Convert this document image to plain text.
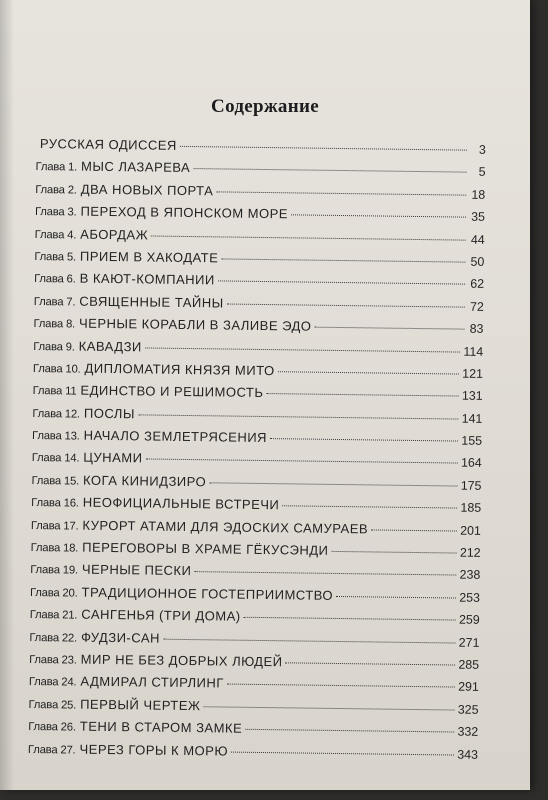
Содержание
РУССКАЯ ОДИССЕЯ	3
Глава 1. МЫС ЛАЗАРЕВА	5
Глава 2. ДВА НОВЫХ ПОРТА	18
Глава 3. ПЕРЕХОД В ЯПОНСКОМ МОРЕ	35
Глава 4. АБОРДАЖ	44
Глава 5. ПРИЕМ В ХАКОДАТЕ	50
Глава 6. В КАЮТ-КОМПАНИИ	62
Глава 7. СВЯЩЕННЫЕ ТАЙНЫ	72
Глава 8. ЧЕРНЫЕ КОРАБЛИ В ЗАЛИВЕ ЭДО	83
Глава 9. КАВАДЗИ	114
Глава 10. ДИПЛОМАТИЯ КНЯЗЯ МИТО	121
Глава 11 ЕДИНСТВО И РЕШИМОСТЬ	131
Глава 12. ПОСЛЫ	141
Глава 13. НАЧАЛО ЗЕМЛЕТРЯСЕНИЯ	155
Глава 14. ЦУНАМИ	164
Глава 15. КОГА КИНИДЗИРО	175
Глава 16. НЕОФИЦИАЛЬНЫЕ ВСТРЕЧИ	185
Глава 17. КУРОРТ АТАМИ ДЛЯ ЭДОСКИХ САМУРАЕВ	201
Глава 18. ПЕРЕГОВОРЫ В ХРАМЕ ГЁКУСЭНДИ	212
Глава 19. ЧЕРНЫЕ ПЕСКИ	238
Глава 20. ТРАДИЦИОННОЕ ГОСТЕПРИИМСТВО	253
Глава 21. САНГЕНЬЯ (ТРИ ДОМА)	259
Глава 22. ФУДЗИ-САН	271
Глава 23. МИР НЕ БЕЗ ДОБРЫХ ЛЮДЕЙ	285
Глава 24. АДМИРАЛ СТИРЛИНГ	291
Глава 25. ПЕРВЫЙ ЧЕРТЕЖ	325
Глава 26. ТЕНИ В СТАРОМ ЗАМКЕ	332
Глава 27. ЧЕРЕЗ ГОРЫ К МОРЮ	343
